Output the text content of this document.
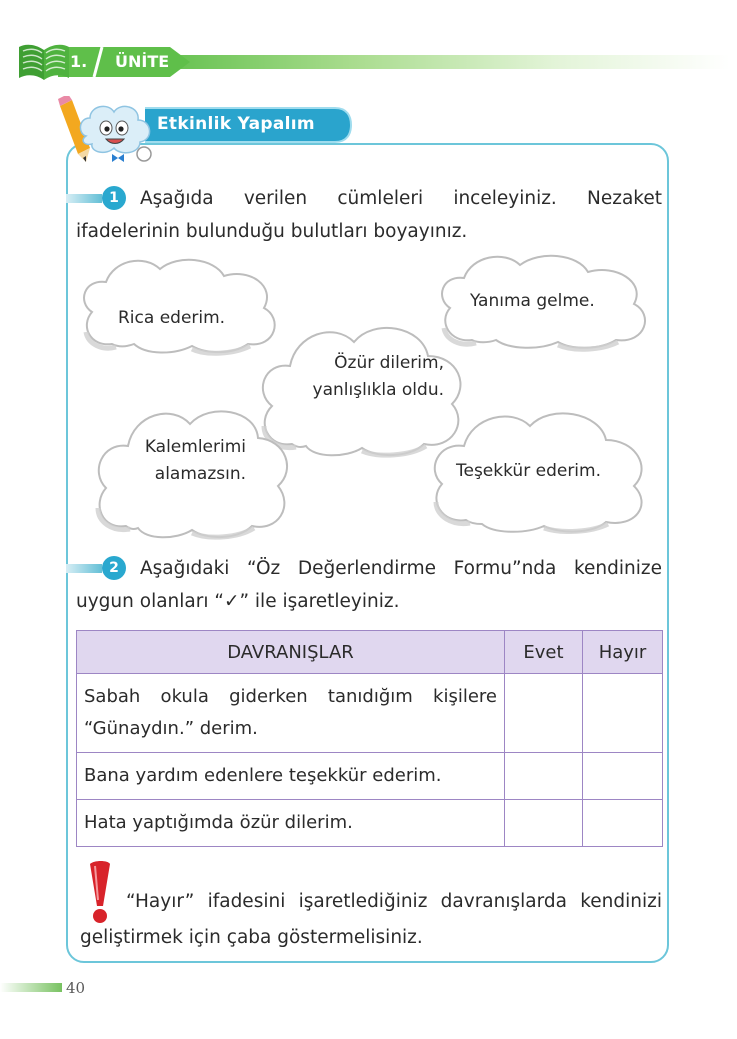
1. ÜNİTE
Etkinlik Yapalım
1	Aşağıda verilen cümleleri inceleyiniz. Nezaket ifadelerinin bulunduğu bulutları boyayınız.
Rica ederim.
Yanıma gelme.
Özür dilerim, yanlışlıkla oldu.
Kalemlerimi alamazsın.	Teşekkür ederim.
2	Aşağıdaki “Öz Değerlendirme Formu”nda kendinize uygun olanları “✓” ile işaretleyiniz.
DAVRANIŞLAR	Evet	Hayır
Sabah okula giderken tanıdığım kişilere “Günaydın.” derim.		
Bana yardım edenlere teşekkür ederim.		
Hata yaptığımda özür dilerim.		
“Hayır” ifadesini işaretlediğiniz davranışlarda kendinizi geliştirmek için çaba göstermelisiniz.
40
